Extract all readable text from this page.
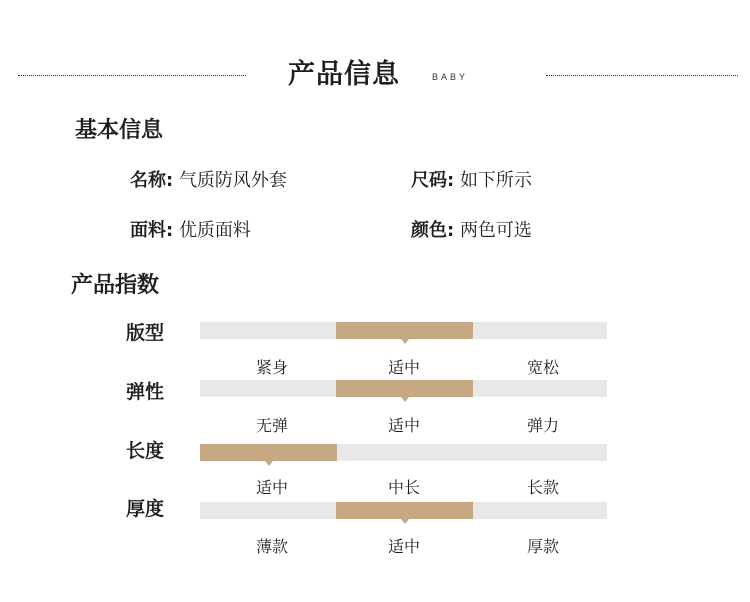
产品信息	BABY
基本信息
名称: 气质防风外套	尺码: 如下所示
面料: 优质面料	颜色: 两色可选
产品指数
版型
紧身	适中	宽松
弹性
无弹	适中	弹力
长度
适中	中长	长款
厚度
薄款	适中	厚款
